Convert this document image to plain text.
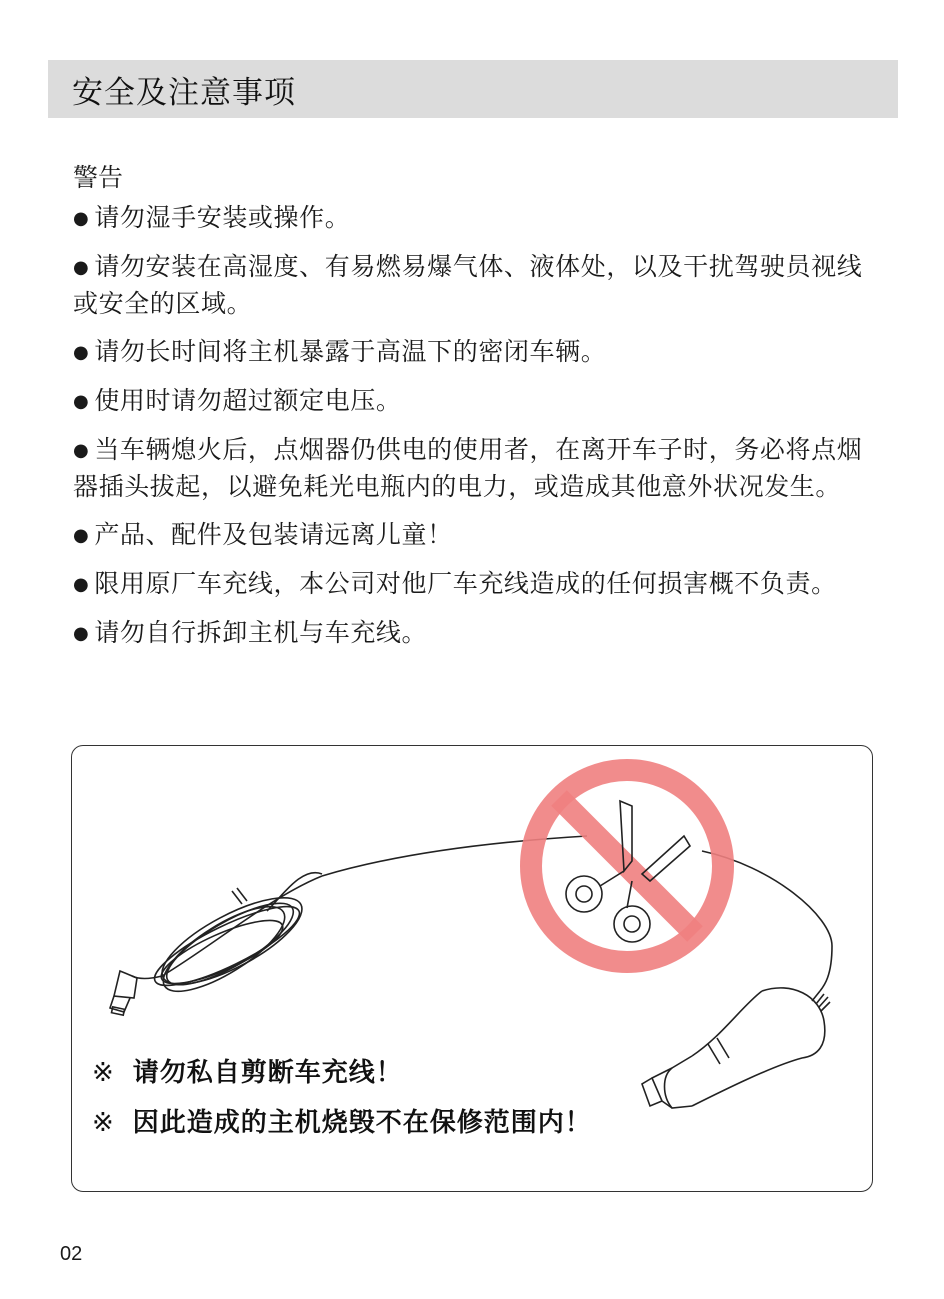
安全及注意事项
警告
● 请勿湿手安装或操作。
● 请勿安装在高湿度、有易燃易爆气体、液体处，以及干扰驾驶员视线或安全的区域。
● 请勿长时间将主机暴露于高温下的密闭车辆。
● 使用时请勿超过额定电压。
● 当车辆熄火后，点烟器仍供电的使用者，在离开车子时，务必将点烟器插头拔起，以避免耗光电瓶内的电力，或造成其他意外状况发生。
● 产品、配件及包装请远离儿童！
● 限用原厂车充线，本公司对他厂车充线造成的任何损害概不负责。
● 请勿自行拆卸主机与车充线。
※ 请勿私自剪断车充线！
※ 因此造成的主机烧毁不在保修范围内！
02
